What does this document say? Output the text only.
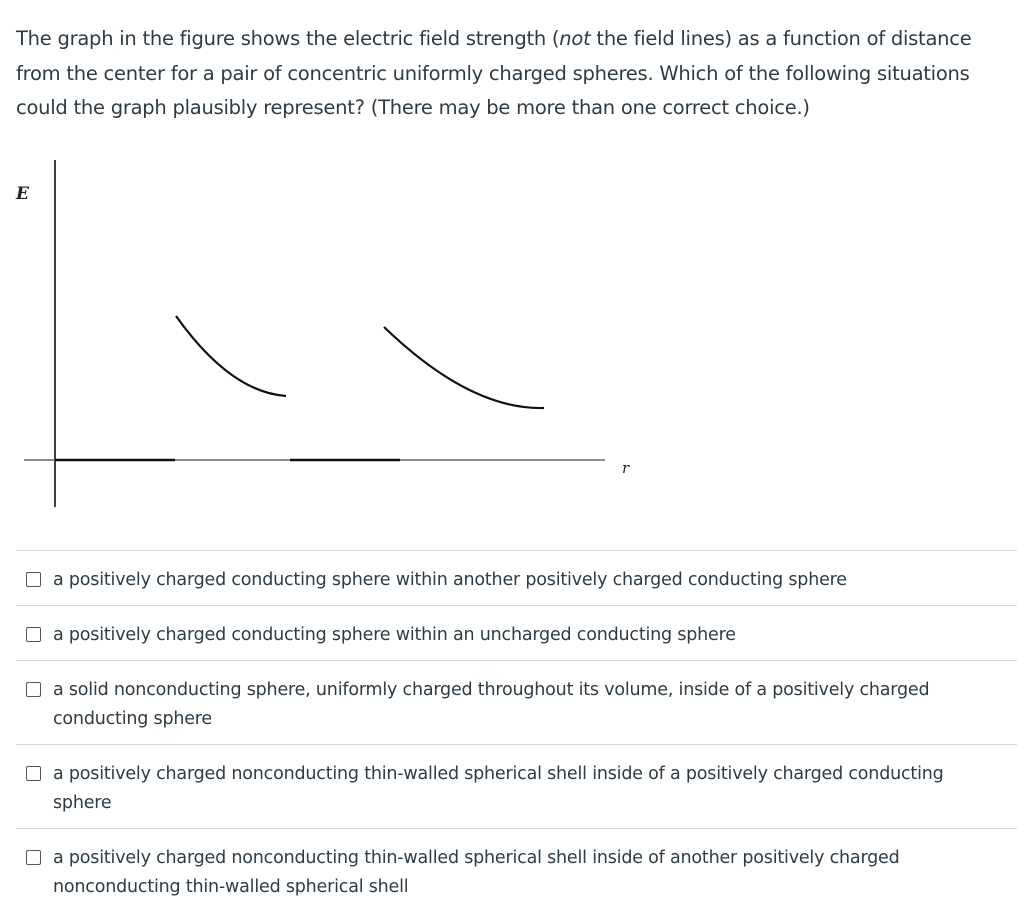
The graph in the figure shows the electric field strength (not the field lines) as a function of distance from the center for a pair of concentric uniformly charged spheres. Which of the following situations could the graph plausibly represent? (There may be more than one correct choice.)
E
r
a positively charged conducting sphere within another positively charged conducting sphere
a positively charged conducting sphere within an uncharged conducting sphere
a solid nonconducting sphere, uniformly charged throughout its volume, inside of a positively charged conducting sphere
a positively charged nonconducting thin-walled spherical shell inside of a positively charged conducting sphere
a positively charged nonconducting thin-walled spherical shell inside of another positively charged nonconducting thin-walled spherical shell
